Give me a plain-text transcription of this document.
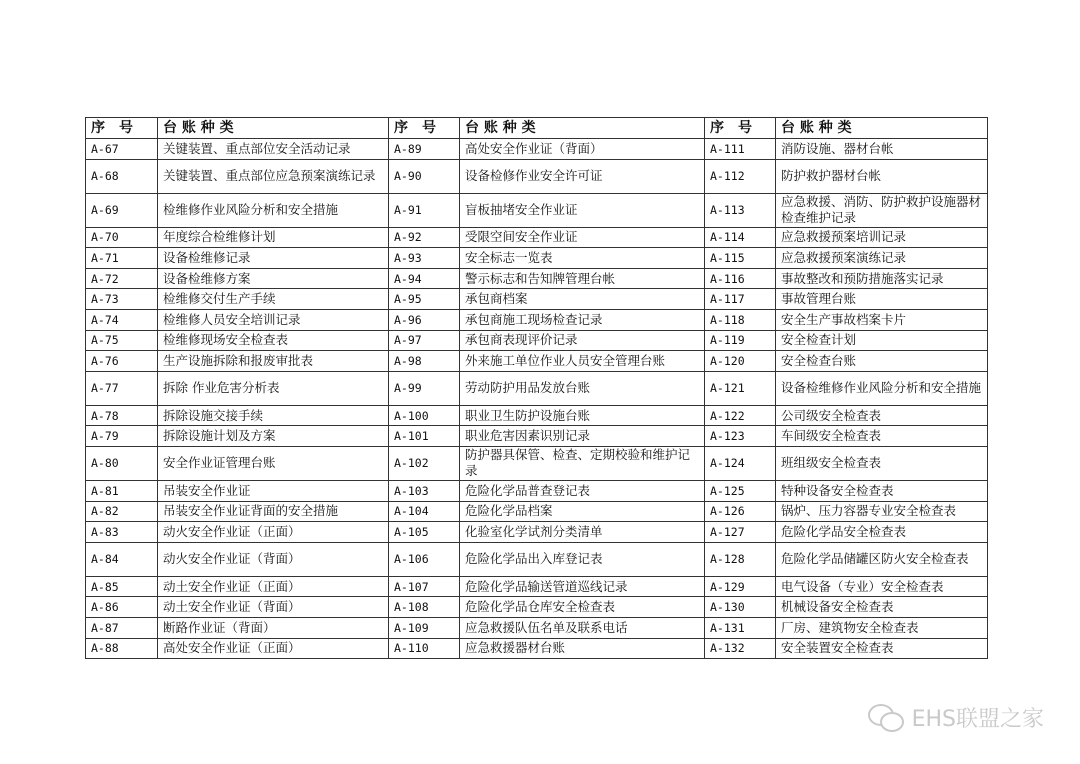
序　号	台 账 种 类	序　号	台 账 种 类	序　号	台 账 种 类
A-67	关键装置、重点部位安全活动记录	A-89	高处安全作业证（背面）	A-111	消防设施、器材台帐
A-68	关键装置、重点部位应急预案演练记录	A-90	设备检修作业安全许可证	A-112	防护救护器材台帐
A-69	检维修作业风险分析和安全措施	A-91	盲板抽堵安全作业证	A-113	应急救援、消防、防护救护设施器材检查维护记录
A-70	年度综合检维修计划	A-92	受限空间安全作业证	A-114	应急救援预案培训记录
A-71	设备检维修记录	A-93	安全标志一览表	A-115	应急救援预案演练记录
A-72	设备检维修方案	A-94	警示标志和告知牌管理台帐	A-116	事故整改和预防措施落实记录
A-73	检维修交付生产手续	A-95	承包商档案	A-117	事故管理台账
A-74	检维修人员安全培训记录	A-96	承包商施工现场检查记录	A-118	安全生产事故档案卡片
A-75	检维修现场安全检查表	A-97	承包商表现评价记录	A-119	安全检查计划
A-76	生产设施拆除和报废审批表	A-98	外来施工单位作业人员安全管理台账	A-120	安全检查台账
A-77	拆除 作业危害分析表	A-99	劳动防护用品发放台账	A-121	设备检维修作业风险分析和安全措施
A-78	拆除设施交接手续	A-100	职业卫生防护设施台账	A-122	公司级安全检查表
A-79	拆除设施计划及方案	A-101	职业危害因素识别记录	A-123	车间级安全检查表
A-80	安全作业证管理台账	A-102	防护器具保管、检查、定期校验和维护记录	A-124	班组级安全检查表
A-81	吊装安全作业证	A-103	危险化学品普查登记表	A-125	特种设备安全检查表
A-82	吊装安全作业证背面的安全措施	A-104	危险化学品档案	A-126	锅炉、压力容器专业安全检查表
A-83	动火安全作业证（正面）	A-105	化验室化学试剂分类清单	A-127	危险化学品安全检查表
A-84	动火安全作业证（背面）	A-106	危险化学品出入库登记表	A-128	危险化学品储罐区防火安全检查表
A-85	动土安全作业证（正面）	A-107	危险化学品输送管道巡线记录	A-129	电气设备（专业）安全检查表
A-86	动土安全作业证（背面）	A-108	危险化学品仓库安全检查表	A-130	机械设备安全检查表
A-87	断路作业证（背面）	A-109	应急救援队伍名单及联系电话	A-131	厂房、建筑物安全检查表
A-88	高处安全作业证（正面）	A-110	应急救援器材台账	A-132	安全装置安全检查表
EHS联盟之家
